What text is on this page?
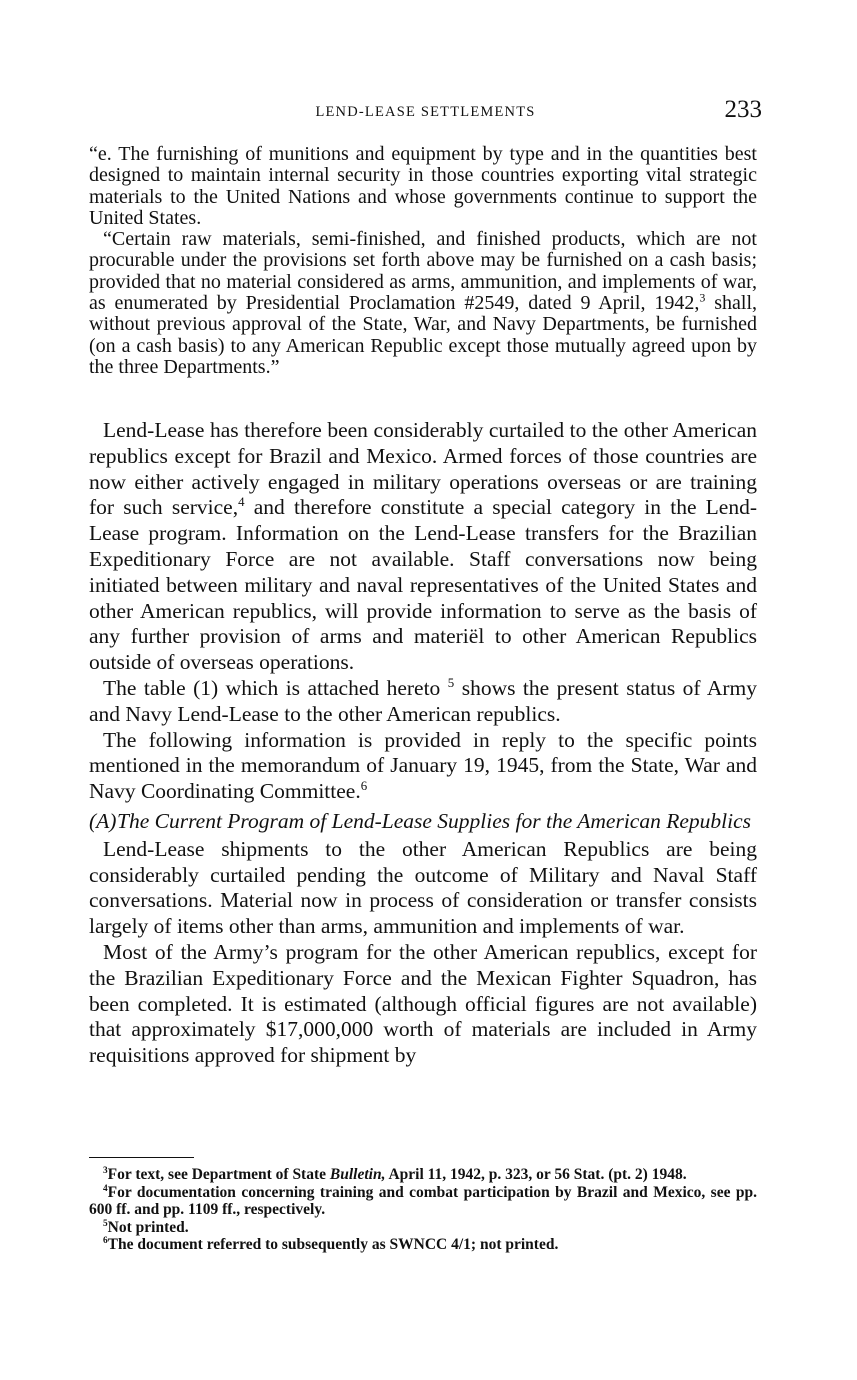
LEND-LEASE SETTLEMENTS	233

“e. The furnishing of munitions and equipment by type and in the quantities best designed to maintain internal security in those countries exporting vital strategic materials to the United Nations and whose governments continue to support the United States.

“Certain raw materials, semi-finished, and finished products, which are not procurable under the provisions set forth above may be furnished on a cash basis; provided that no material considered as arms, ammunition, and implements of war, as enumerated by Presidential Proclamation #2549, dated 9 April, 1942,$^3$ shall, without previous approval of the State, War, and Navy Departments, be furnished (on a cash basis) to any American Republic except those mutually agreed upon by the three Departments.”

Lend-Lease has therefore been considerably curtailed to the other American republics except for Brazil and Mexico. Armed forces of those countries are now either actively engaged in military operations overseas or are training for such service,$^4$ and therefore constitute a special category in the Lend-Lease program. Information on the Lend-Lease transfers for the Brazilian Expeditionary Force are not available. Staff conversations now being initiated between military and naval representatives of the United States and other American republics, will provide information to serve as the basis of any further provision of arms and materiël to other American Republics outside of overseas operations.

The table (1) which is attached hereto $^5$ shows the present status of Army and Navy Lend-Lease to the other American republics.

The following information is provided in reply to the specific points mentioned in the memorandum of January 19, 1945, from the State, War and Navy Coordinating Committee.$^6$

(A)The Current Program of Lend-Lease Supplies for the American Republics

Lend-Lease shipments to the other American Republics are being considerably curtailed pending the outcome of Military and Naval Staff conversations. Material now in process of consideration or transfer consists largely of items other than arms, ammunition and implements of war.

Most of the Army’s program for the other American republics, except for the Brazilian Expeditionary Force and the Mexican Fighter Squadron, has been completed. It is estimated (although official figures are not available) that approximately $17,000,000 worth of materials are included in Army requisitions approved for shipment by

$^3$For text, see Department of State Bulletin, April 11, 1942, p. 323, or 56 Stat. (pt. 2) 1948.

$^4$For documentation concerning training and combat participation by Brazil and Mexico, see pp. 600 ff. and pp. 1109 ff., respectively.

$^5$Not printed.

$^6$The document referred to subsequently as SWNCC 4/1; not printed.
